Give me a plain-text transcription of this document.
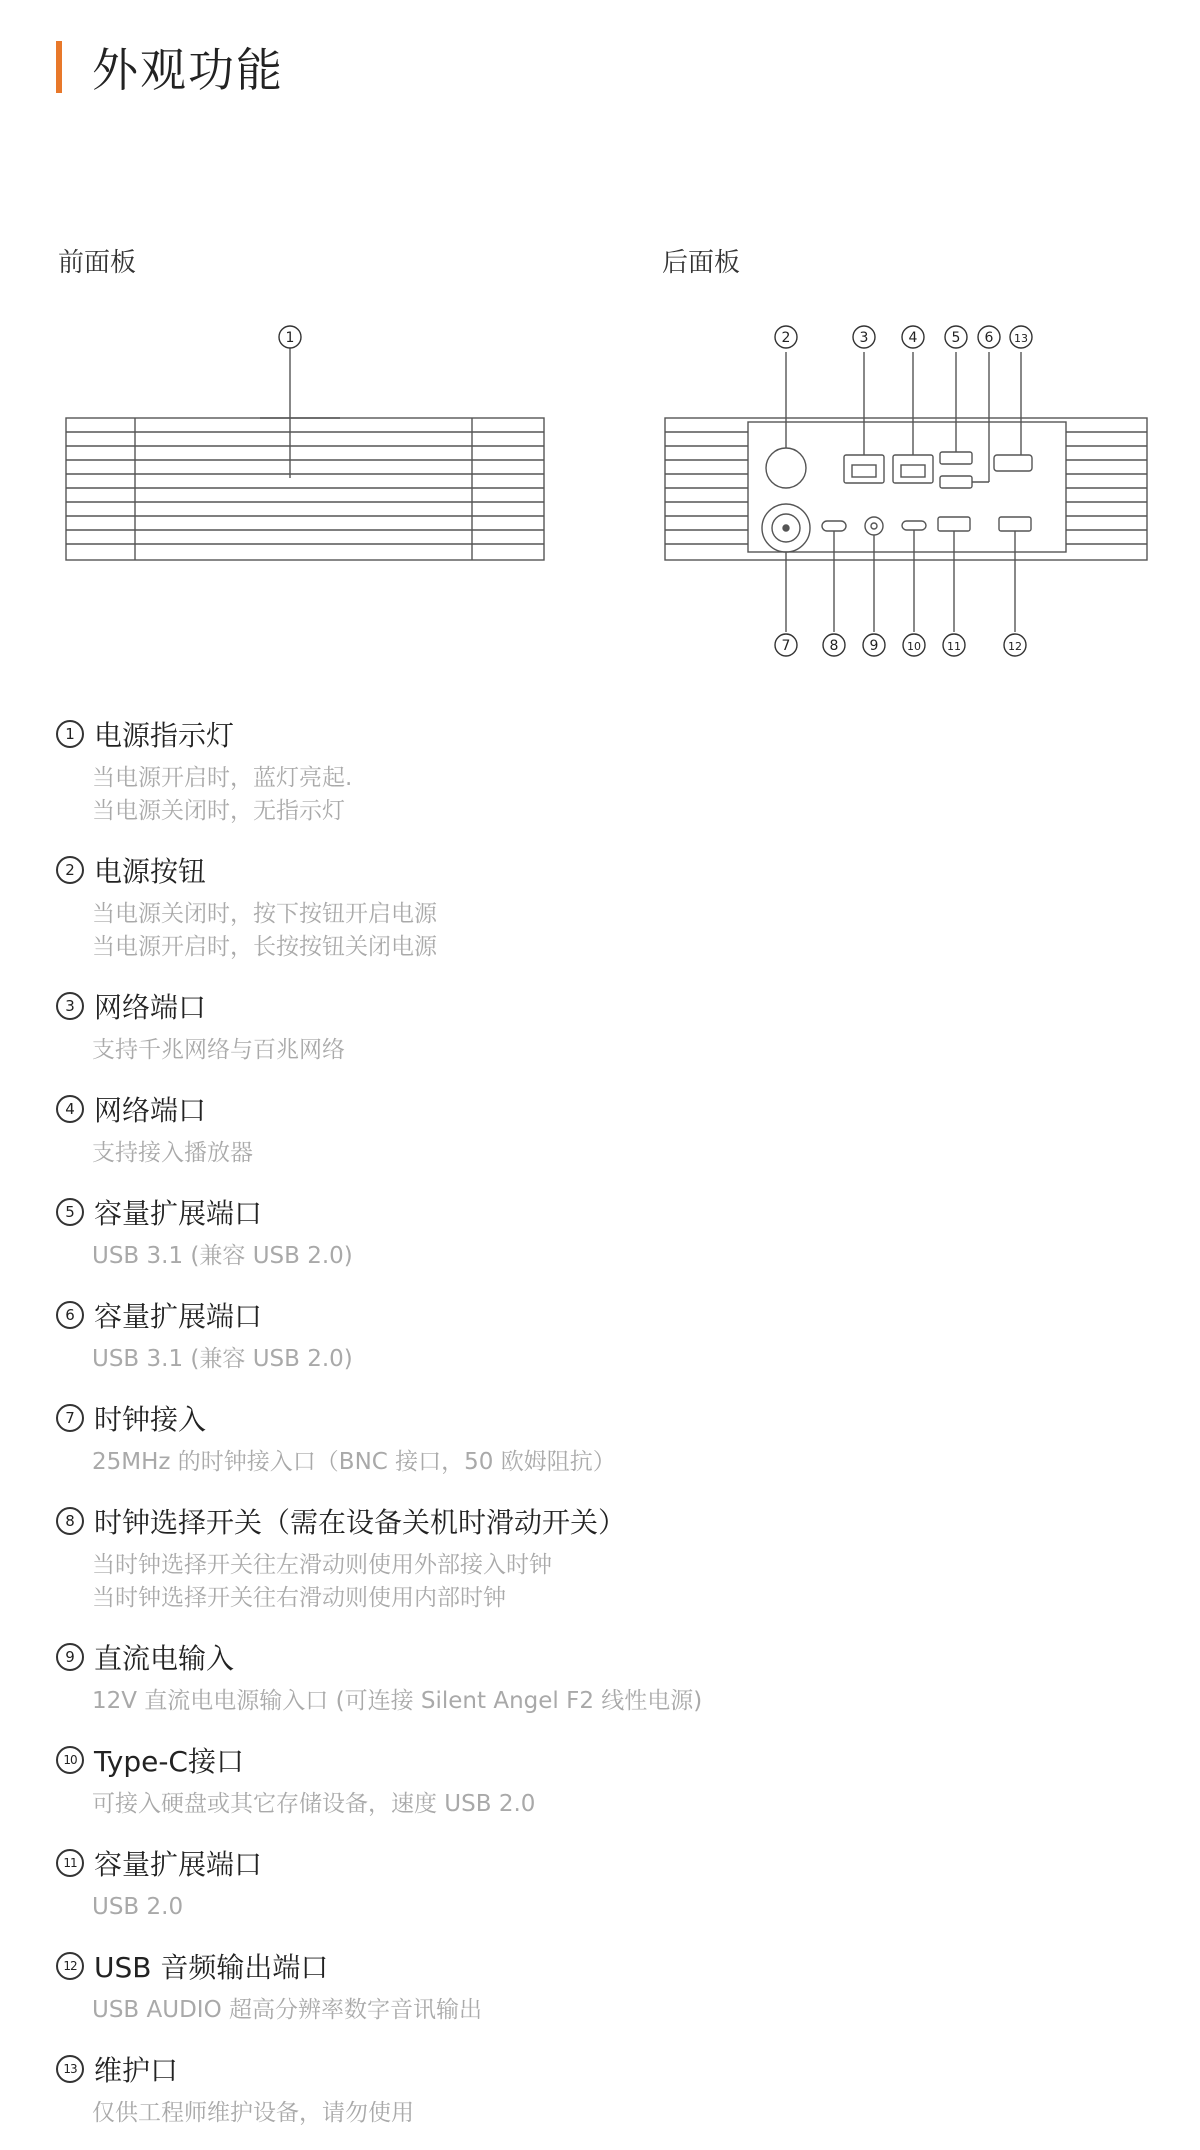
外观功能
前面板	后面板
1	2	3	4 5 6 13
7	8 9	10 11	12
1 电源指示灯
当电源开启时，蓝灯亮起.
当电源关闭时，无指示灯
2 电源按钮
当电源关闭时，按下按钮开启电源
当电源开启时，长按按钮关闭电源
3 网络端口
支持千兆网络与百兆网络
4 网络端口
支持接入播放器
5 容量扩展端口
USB 3.1 (兼容 USB 2.0)
6 容量扩展端口
USB 3.1 (兼容 USB 2.0)
7 时钟接入
25MHz 的时钟接入口（BNC 接口，50 欧姆阻抗）
8 时钟选择开关（需在设备关机时滑动开关）
当时钟选择开关往左滑动则使用外部接入时钟
当时钟选择开关往右滑动则使用内部时钟
9 直流电输入
12V 直流电电源输入口 (可连接 Silent Angel F2 线性电源)
10 Type-C接口
可接入硬盘或其它存储设备，速度 USB 2.0
11 容量扩展端口
USB 2.0
12 USB 音频输出端口
USB AUDIO 超高分辨率数字音讯输出
13 维护口
仅供工程师维护设备，请勿使用
